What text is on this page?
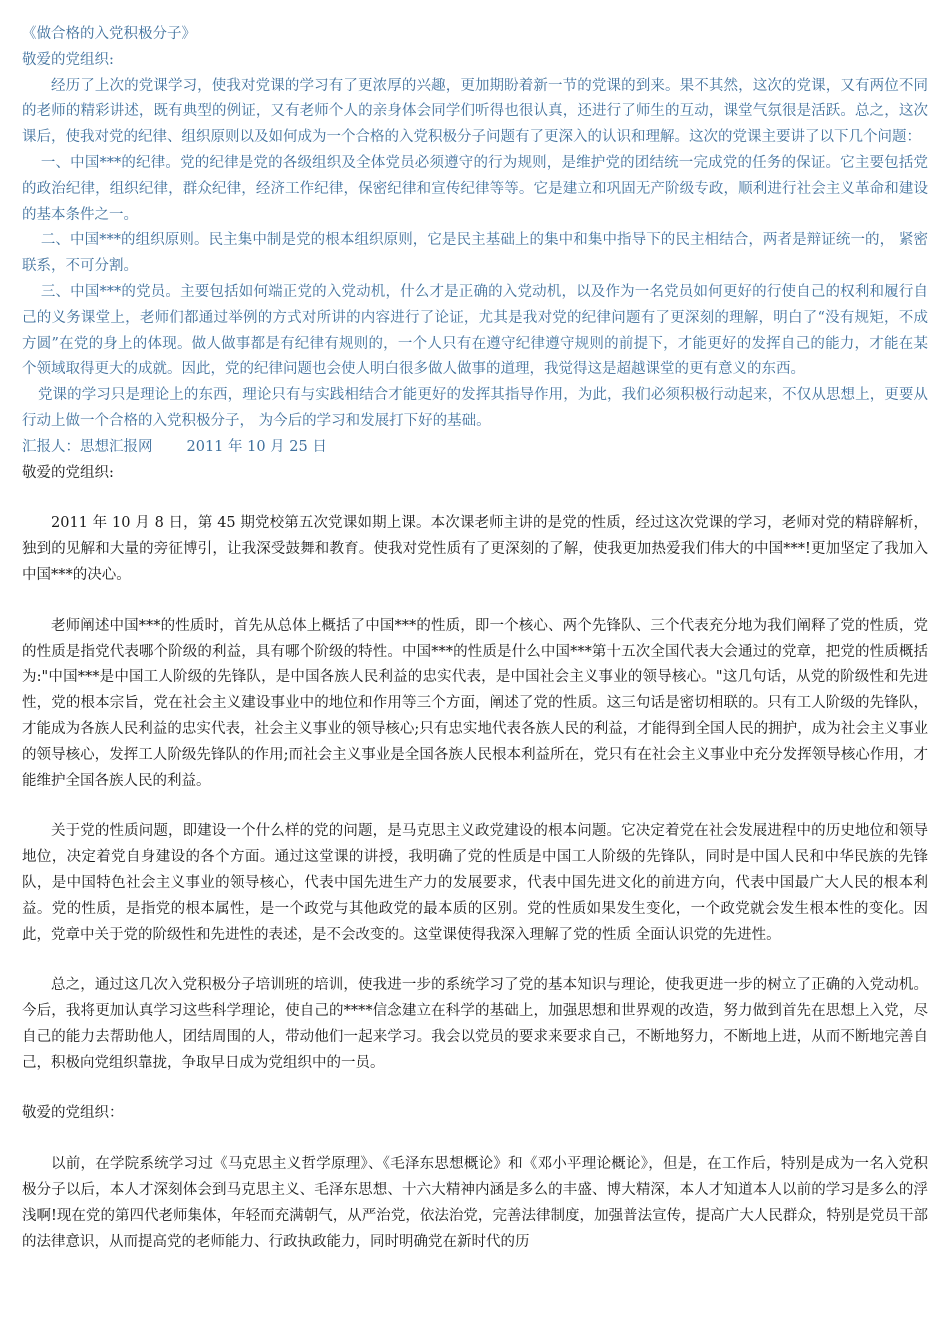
《做合格的入党积极分子》

敬爱的党组织:

经历了上次的党课学习，使我对党课的学习有了更浓厚的兴趣，更加期盼着新一节的党课的到来。果不其然，这次的党课，又有两位不同的老师的精彩讲述，既有典型的例证，又有老师个人的亲身体会同学们听得也很认真，还进行了师生的互动，课堂气氛很是活跃。总之，这次课后，使我对党的纪律、组织原则以及如何成为一个合格的入党积极分子问题有了更深入的认识和理解。这次的党课主要讲了以下几个问题：

一、中国***的纪律。党的纪律是党的各级组织及全体党员必须遵守的行为规则，是维护党的团结统一完成党的任务的保证。它主要包括党的政治纪律，组织纪律，群众纪律，经济工作纪律，保密纪律和宣传纪律等等。它是建立和巩固无产阶级专政，顺利进行社会主义革命和建设的基本条件之一。

二、中国***的组织原则。民主集中制是党的根本组织原则，它是民主基础上的集中和集中指导下的民主相结合，两者是辩证统一的， 紧密联系，不可分割。

三、中国***的党员。主要包括如何端正党的入党动机，什么才是正确的入党动机，以及作为一名党员如何更好的行使自己的权利和履行自己的义务课堂上，老师们都通过举例的方式对所讲的内容进行了论证，尤其是我对党的纪律问题有了更深刻的理解，明白了“没有规矩，不成方圆”在党的身上的体现。做人做事都是有纪律有规则的，一个人只有在遵守纪律遵守规则的前提下，才能更好的发挥自己的能力，才能在某个领域取得更大的成就。因此，党的纪律问题也会使人明白很多做人做事的道理，我觉得这是超越课堂的更有意义的东西。

党课的学习只是理论上的东西，理论只有与实践相结合才能更好的发挥其指导作用，为此，我们必须积极行动起来，不仅从思想上，更要从行动上做一个合格的入党积极分子， 为今后的学习和发展打下好的基础。

汇报人：思想汇报网 2011 年 10 月 25 日

敬爱的党组织:

2011 年 10 月 8 日，第 45 期党校第五次党课如期上课。本次课老师主讲的是党的性质，经过这次党课的学习，老师对党的精辟解析，独到的见解和大量的旁征博引，让我深受鼓舞和教育。使我对党性质有了更深刻的了解，使我更加热爱我们伟大的中国***!更加坚定了我加入中国***的决心。

老师阐述中国***的性质时，首先从总体上概括了中国***的性质，即一个核心、两个先锋队、三个代表充分地为我们阐释了党的性质，党的性质是指党代表哪个阶级的利益，具有哪个阶级的特性。中国***的性质是什么中国***第十五次全国代表大会通过的党章，把党的性质概括为:"中国***是中国工人阶级的先锋队，是中国各族人民利益的忠实代表，是中国社会主义事业的领导核心。"这几句话，从党的阶级性和先进性，党的根本宗旨，党在社会主义建设事业中的地位和作用等三个方面，阐述了党的性质。这三句话是密切相联的。只有工人阶级的先锋队，才能成为各族人民利益的忠实代表，社会主义事业的领导核心;只有忠实地代表各族人民的利益，才能得到全国人民的拥护，成为社会主义事业的领导核心，发挥工人阶级先锋队的作用;而社会主义事业是全国各族人民根本利益所在，党只有在社会主义事业中充分发挥领导核心作用，才能维护全国各族人民的利益。

关于党的性质问题，即建设一个什么样的党的问题，是马克思主义政党建设的根本问题。它决定着党在社会发展进程中的历史地位和领导地位，决定着党自身建设的各个方面。通过这堂课的讲授，我明确了党的性质是中国工人阶级的先锋队，同时是中国人民和中华民族的先锋队，是中国特色社会主义事业的领导核心，代表中国先进生产力的发展要求，代表中国先进文化的前进方向，代表中国最广大人民的根本利益。党的性质，是指党的根本属性，是一个政党与其他政党的最本质的区别。党的性质如果发生变化，一个政党就会发生根本性的变化。因此，党章中关于党的阶级性和先进性的表述，是不会改变的。这堂课使得我深入理解了党的性质 全面认识党的先进性。

总之，通过这几次入党积极分子培训班的培训，使我进一步的系统学习了党的基本知识与理论，使我更进一步的树立了正确的入党动机。今后，我将更加认真学习这些科学理论，使自己的****信念建立在科学的基础上，加强思想和世界观的改造，努力做到首先在思想上入党，尽自己的能力去帮助他人，团结周围的人，带动他们一起来学习。我会以党员的要求来要求自己，不断地努力，不断地上进，从而不断地完善自己，积极向党组织靠拢，争取早日成为党组织中的一员。

敬爱的党组织：

以前，在学院系统学习过《马克思主义哲学原理》、《毛泽东思想概论》和《邓小平理论概论》，但是，在工作后，特别是成为一名入党积极分子以后，本人才深刻体会到马克思主义、毛泽东思想、十六大精神内涵是多么的丰盛、博大精深，本人才知道本人以前的学习是多么的浮浅啊!现在党的第四代老师集体，年轻而充满朝气，从严治党，依法治党，完善法律制度，加强普法宣传，提高广大人民群众，特别是党员干部的法律意识，从而提高党的老师能力、行政执政能力，同时明确党在新时代的历
